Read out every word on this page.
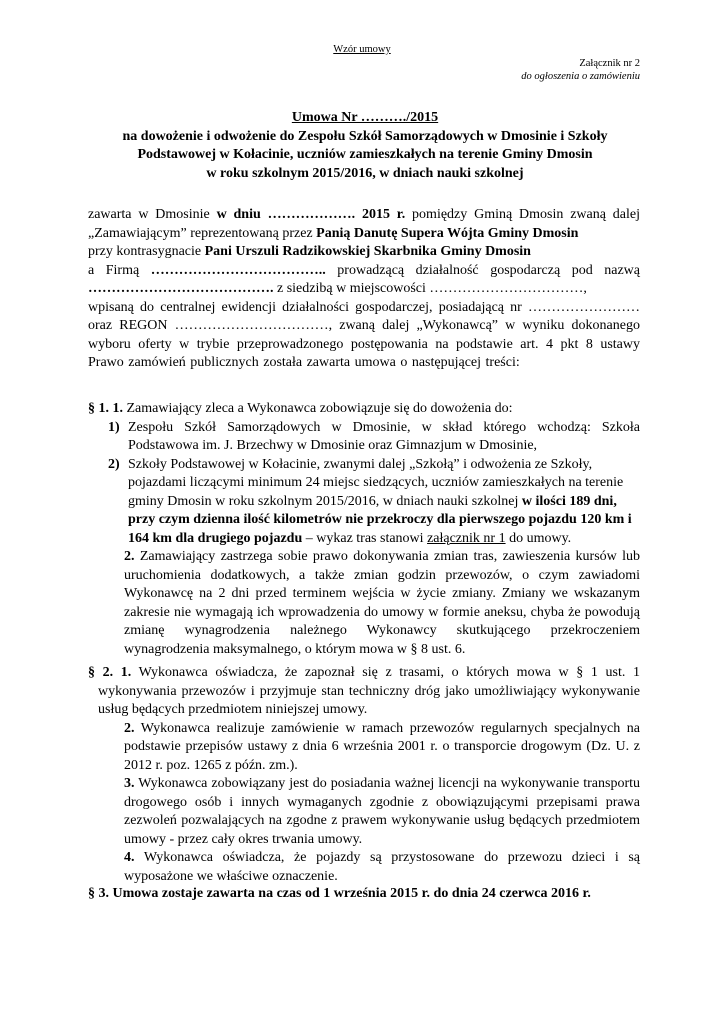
Wzór umowy
Załącznik nr 2
do ogłoszenia o zamówieniu
Umowa Nr ………./2015
na dowożenie i odwożenie do Zespołu Szkół Samorządowych w Dmosinie i Szkoły
Podstawowej w Kołacinie, uczniów zamieszkałych na terenie Gminy Dmosin
w roku szkolnym 2015/2016, w dniach nauki szkolnej
zawarta w Dmosinie w dniu ………………. 2015 r. pomiędzy Gminą Dmosin zwaną dalej
„Zamawiającym” reprezentowaną przez Panią Danutę Supera Wójta Gminy Dmosin
przy kontrasygnacie Pani Urszuli Radzikowskiej Skarbnika Gminy Dmosin
a Firmą ……………………………….. prowadzącą działalność gospodarczą pod nazwą
…………………………………. z siedzibą w miejscowości ……………………………,
wpisaną do centralnej ewidencji działalności gospodarczej, posiadającą nr …………………… oraz REGON ……………………………, zwaną dalej „Wykonawcą” w wyniku dokonanego wyboru oferty w trybie przeprowadzonego postępowania na podstawie art. 4 pkt 8 ustawy Prawo zamówień publicznych została zawarta umowa o następującej treści:
§ 1. 1. Zamawiający zleca a Wykonawca zobowiązuje się do dowożenia do:
1) Zespołu Szkół Samorządowych w Dmosinie, w skład którego wchodzą: Szkoła Podstawowa im. J. Brzechwy w Dmosinie oraz Gimnazjum w Dmosinie,
2) Szkoły Podstawowej w Kołacinie, zwanymi dalej „Szkołą” i odwożenia ze Szkoły, pojazdami liczącymi minimum 24 miejsc siedzących, uczniów zamieszkałych na terenie gminy Dmosin w roku szkolnym 2015/2016, w dniach nauki szkolnej w ilości 189 dni, przy czym dzienna ilość kilometrów nie przekroczy dla pierwszego pojazdu 120 km i 164 km dla drugiego pojazdu – wykaz tras stanowi załącznik nr 1 do umowy.
2. Zamawiający zastrzega sobie prawo dokonywania zmian tras, zawieszenia kursów lub uruchomienia dodatkowych, a także zmian godzin przewozów, o czym zawiadomi Wykonawcę na 2 dni przed terminem wejścia w życie zmiany. Zmiany we wskazanym zakresie nie wymagają ich wprowadzenia do umowy w formie aneksu, chyba że powodują zmianę wynagrodzenia należnego Wykonawcy skutkującego przekroczeniem wynagrodzenia maksymalnego, o którym mowa w § 8 ust. 6.
§ 2. 1. Wykonawca oświadcza, że zapoznał się z trasami, o których mowa w § 1 ust. 1 wykonywania przewozów i przyjmuje stan techniczny dróg jako umożliwiający wykonywanie usług będących przedmiotem niniejszej umowy.
2. Wykonawca realizuje zamówienie w ramach przewozów regularnych specjalnych na podstawie przepisów ustawy z dnia 6 września 2001 r. o transporcie drogowym (Dz. U. z 2012 r. poz. 1265 z późn. zm.).
3. Wykonawca zobowiązany jest do posiadania ważnej licencji na wykonywanie transportu drogowego osób i innych wymaganych zgodnie z obowiązującymi przepisami prawa zezwoleń pozwalających na zgodne z prawem wykonywanie usług będących przedmiotem umowy - przez cały okres trwania umowy.
4. Wykonawca oświadcza, że pojazdy są przystosowane do przewozu dzieci i są wyposażone we właściwe oznaczenie.
§ 3. Umowa zostaje zawarta na czas od 1 września 2015 r. do dnia 24 czerwca 2016 r.
